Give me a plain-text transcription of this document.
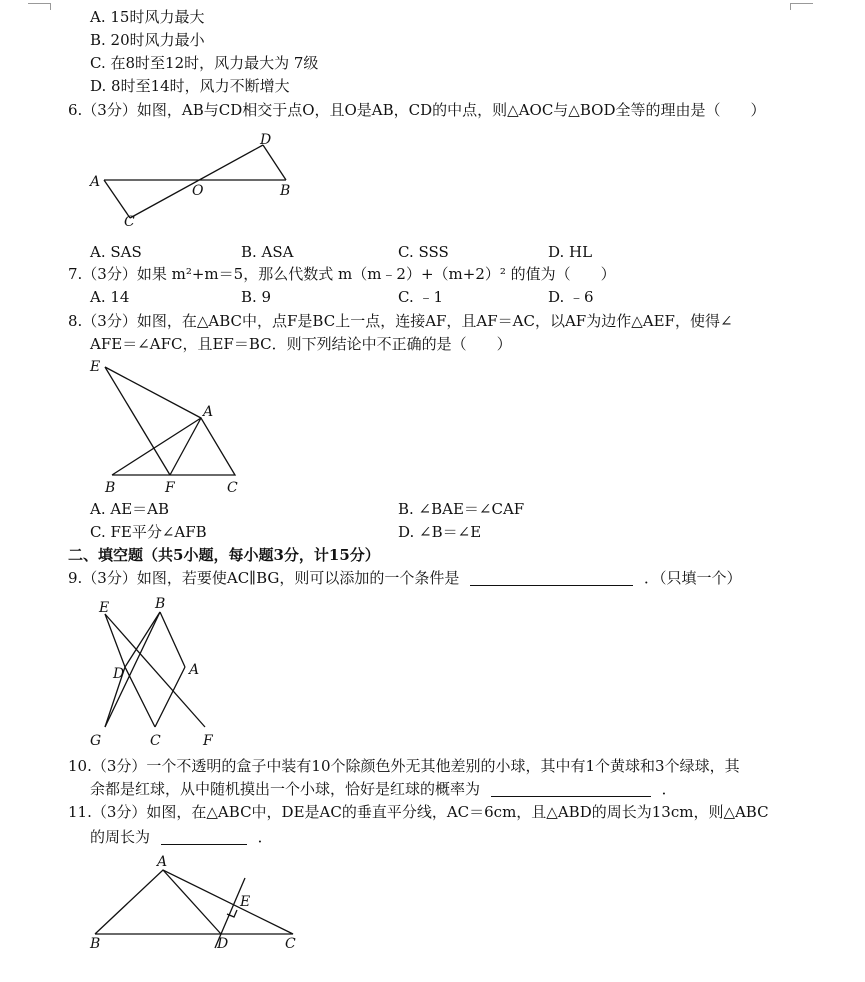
A. 15时风力最大
B. 20时风力最小
C. 在8时至12时，风力最大为 7级
D. 8时至14时，风力不断增大
6.（3分）如图，AB与CD相交于点O，且O是AB，CD的中点，则△AOC与△BOD全等的理由是（　　）
D
A
O	B
C
A. SAS	B. ASA	C. SSS	D. HL
7.（3分）如果 m²+m＝5，那么代数式 m（m﹣2）+（m+2）² 的值为（　　）
A. 14	B. 9	C. ﹣1	D. ﹣6
8.（3分）如图，在△ABC中，点F是BC上一点，连接AF，且AF＝AC，以AF为边作△AEF，使得∠
AFE＝∠AFC，且EF＝BC．则下列结论中不正确的是（　　）
E
A
B	F	C
A. AE＝AB	B. ∠BAE＝∠CAF
C. FE平分∠AFB	D. ∠B＝∠E
二、填空题（共5小题，每小题3分，计15分）
9.（3分）如图，若要使AC∥BG，则可以添加的一个条件是	．（只填一个）
E	B
D	A
G	C	F
10.（3分）一个不透明的盒子中装有10个除颜色外无其他差别的小球，其中有1个黄球和3个绿球，其
余都是红球，从中随机摸出一个小球，恰好是红球的概率为	．
11.（3分）如图，在△ABC中，DE是AC的垂直平分线，AC＝6cm，且△ABD的周长为13cm，则△ABC
的周长为	．
A
E
B	D	C
